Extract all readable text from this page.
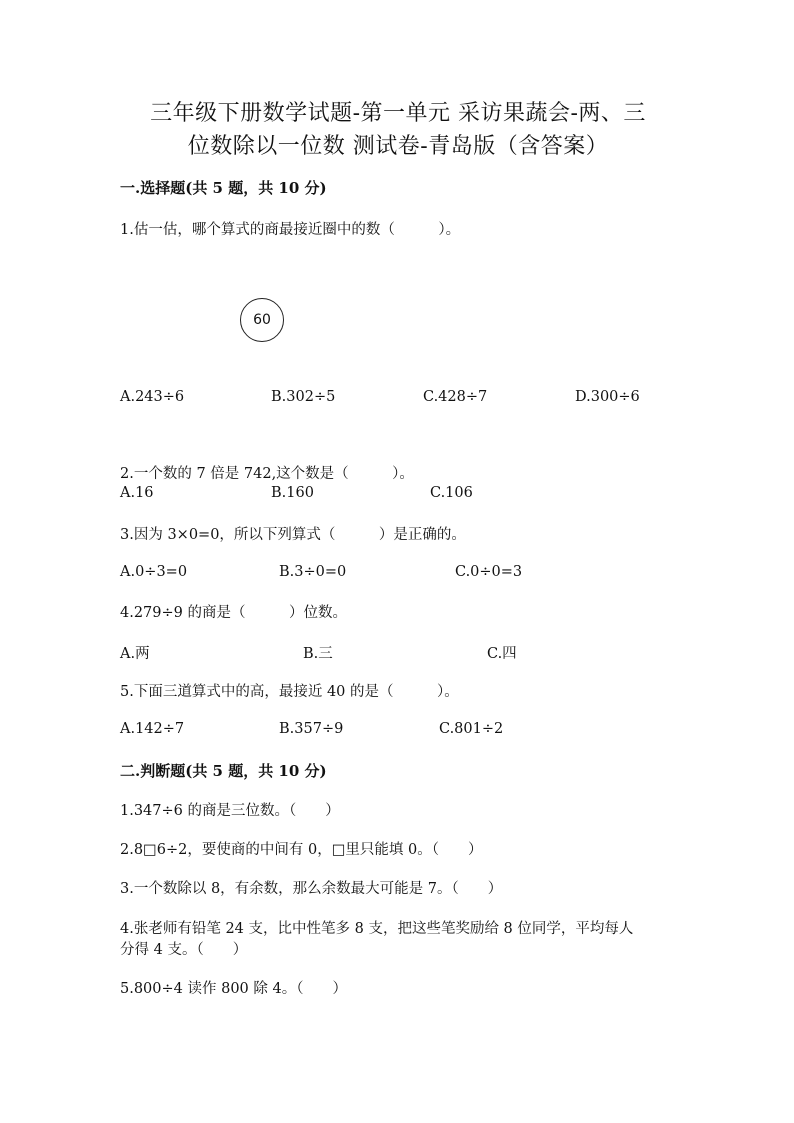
三年级下册数学试题-第一单元 采访果蔬会-两、三
位数除以一位数 测试卷-青岛版（含答案）
一.选择题(共 5 题，共 10 分)
1.估一估，哪个算式的商最接近圈中的数（　　　）。
60
A.243÷6	B.302÷5	C.428÷7	D.300÷6
2.一个数的 7 倍是 742,这个数是（　　　）。
A.16	B.160	C.106
3.因为 3×0=0，所以下列算式（　　　）是正确的。
A.0÷3=0	B.3÷0=0	C.0÷0=3
4.279÷9 的商是（　　　）位数。
A.两	B.三	C.四
5.下面三道算式中的高，最接近 40 的是（　　　）。
A.142÷7	B.357÷9	C.801÷2
二.判断题(共 5 题，共 10 分)
1.347÷6 的商是三位数。（　　）
2.8□6÷2，要使商的中间有 0，□里只能填 0。（　　）
3.一个数除以 8，有余数，那么余数最大可能是 7。（　　）
4.张老师有铅笔 24 支，比中性笔多 8 支，把这些笔奖励给 8 位同学，平均每人
分得 4 支。（　　）
5.800÷4 读作 800 除 4。（　　）
